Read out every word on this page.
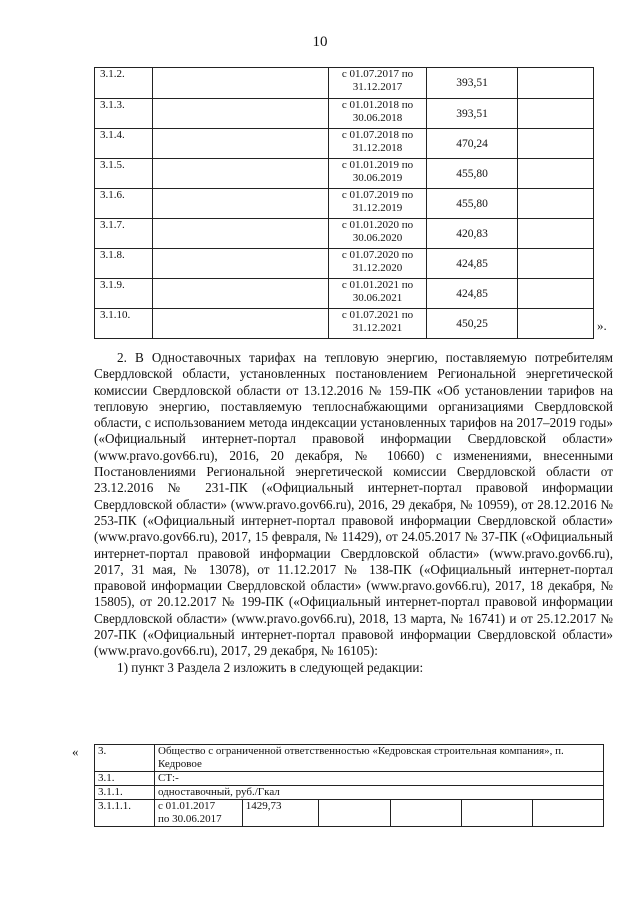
10
3.1.2.		с 01.07.2017 по
31.12.2017	393,51	
3.1.3.		с 01.01.2018 по
30.06.2018	393,51	
3.1.4.		с 01.07.2018 по
31.12.2018	470,24	
3.1.5.		с 01.01.2019 по
30.06.2019	455,80	
3.1.6.		с 01.07.2019 по
31.12.2019	455,80	
3.1.7.		с 01.01.2020 по
30.06.2020	420,83	
3.1.8.		с 01.07.2020 по
31.12.2020	424,85	
3.1.9.		с 01.01.2021 по
30.06.2021	424,85	
3.1.10.		с 01.07.2021 по
31.12.2021	450,25		».

2. В Одноставочных тарифах на тепловую энергию, поставляемую потребителям Свердловской области, установленных постановлением Региональной энергетической комиссии Свердловской области от 13.12.2016 № 159-ПК «Об установлении тарифов на тепловую энергию, поставляемую теплоснабжающими организациями Свердловской области, с использованием метода индексации установленных тарифов на 2017–2019 годы» («Официальный интернет-портал правовой информации Свердловской области» (www.pravo.gov66.ru), 2016, 20 декабря, № 10660) с изменениями, внесенными Постановлениями Региональной энергетической комиссии Свердловской области от 23.12.2016 № 231-ПК («Официальный интернет-портал правовой информации Свердловской области» (www.pravo.gov66.ru), 2016, 29 декабря, № 10959), от 28.12.2016 № 253-ПК («Официальный интернет-портал правовой информации Свердловской области» (www.pravo.gov66.ru), 2017, 15 февраля, № 11429), от 24.05.2017 № 37-ПК («Официальный интернет-портал правовой информации Свердловской области» (www.pravo.gov66.ru), 2017, 31 мая, № 13078), от 11.12.2017 № 138-ПК («Официальный интернет-портал правовой информации Свердловской области» (www.pravo.gov66.ru), 2017, 18 декабря, № 15805), от 20.12.2017 № 199-ПК («Официальный интернет-портал правовой информации Свердловской области» (www.pravo.gov66.ru), 2018, 13 марта, № 16741) и от 25.12.2017 № 207-ПК («Официальный интернет-портал правовой информации Свердловской области» (www.pravo.gov66.ru), 2017, 29 декабря, № 16105):

1) пункт 3 Раздела 2 изложить в следующей редакции:

« 3.	Общество с ограниченной ответственностью «Кедровская строительная компания», п. Кедровое					
3.1.	СТ:-					
3.1.1.	одноставочный, руб./Гкал					
3.1.1.1.	с 01.01.2017
по 30.06.2017	1429,73				
